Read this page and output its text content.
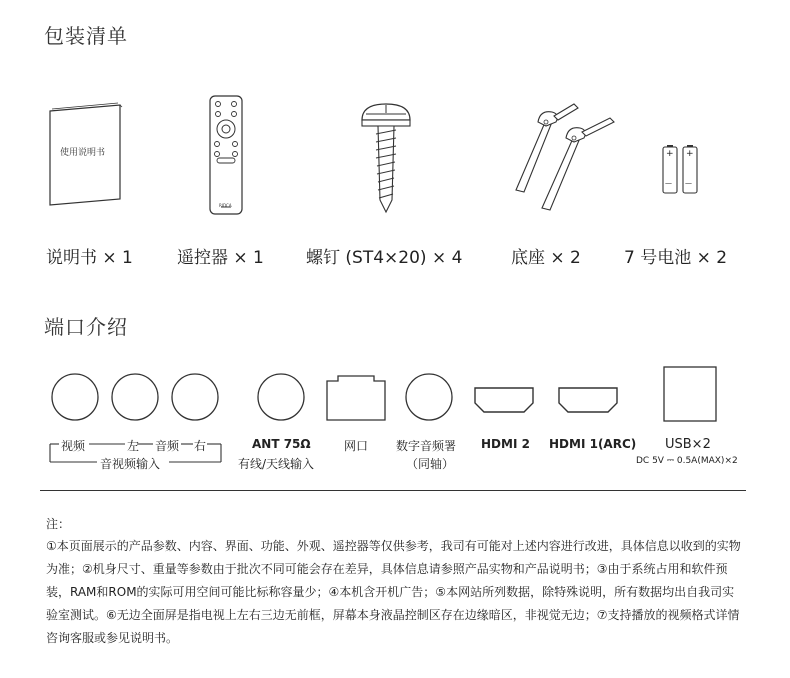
包装清单
使用说明书
RIDCA
+ +
— —
说明书 × 1	遥控器 × 1 螺钉 (ST4×20) × 4	底座 × 2	7 号电池 × 2
端口介绍
视频	左 音频 右
音视频输入
ANT 75Ω
有线/天线输入
网口 数字音频署
（同轴）
HDMI 2 HDMI 1(ARC) USB×2
DC 5V ⎓ 0.5A(MAX)×2
注：
①本页面展示的产品参数、内容、界面、功能、外观、遥控器等仅供参考，我司有可能对上述内容进行改进，具体信息以收到的实物为准；②机身尺寸、重量等参数由于批次不同可能会存在差异，具体信息请参照产品实物和产品说明书；③由于系统占用和软件预装，RAM和ROM的实际可用空间可能比标称容量少；④本机含开机广告；⑤本网站所列数据，除特殊说明，所有数据均出自我司实验室测试。⑥无边全面屏是指电视上左右三边无前框，屏幕本身液晶控制区存在边缘暗区，非视觉无边；⑦支持播放的视频格式详情咨询客服或参见说明书。
